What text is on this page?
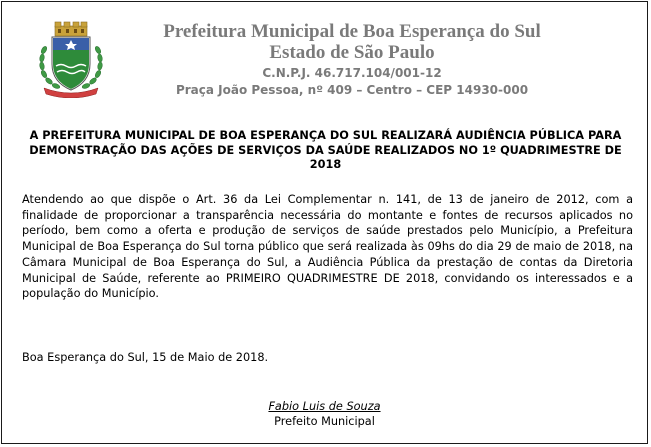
Prefeitura Municipal de Boa Esperança do Sul
Estado de São Paulo
C.N.P.J. 46.717.104/001-12
Praça João Pessoa, nº 409 – Centro – CEP 14930-000
A PREFEITURA MUNICIPAL DE BOA ESPERANÇA DO SUL REALIZARÁ AUDIÊNCIA PÚBLICA PARA DEMONSTRAÇÃO DAS AÇÕES DE SERVIÇOS DA SAÚDE REALIZADOS NO 1º QUADRIMESTRE DE 2018
Atendendo ao que dispõe o Art. 36 da Lei Complementar n. 141, de 13 de janeiro de 2012, com a finalidade de proporcionar a transparência necessária do montante e fontes de recursos aplicados no período, bem como a oferta e produção de serviços de saúde prestados pelo Município, a Prefeitura Municipal de Boa Esperança do Sul torna público que será realizada às 09hs do dia 29 de maio de 2018, na Câmara Municipal de Boa Esperança do Sul, a Audiência Pública da prestação de contas da Diretoria Municipal de Saúde, referente ao PRIMEIRO QUADRIMESTRE DE 2018, convidando os interessados e a população do Município.
Boa Esperança do Sul, 15 de Maio de 2018.
Fabio Luis de Souza
Prefeito Municipal
